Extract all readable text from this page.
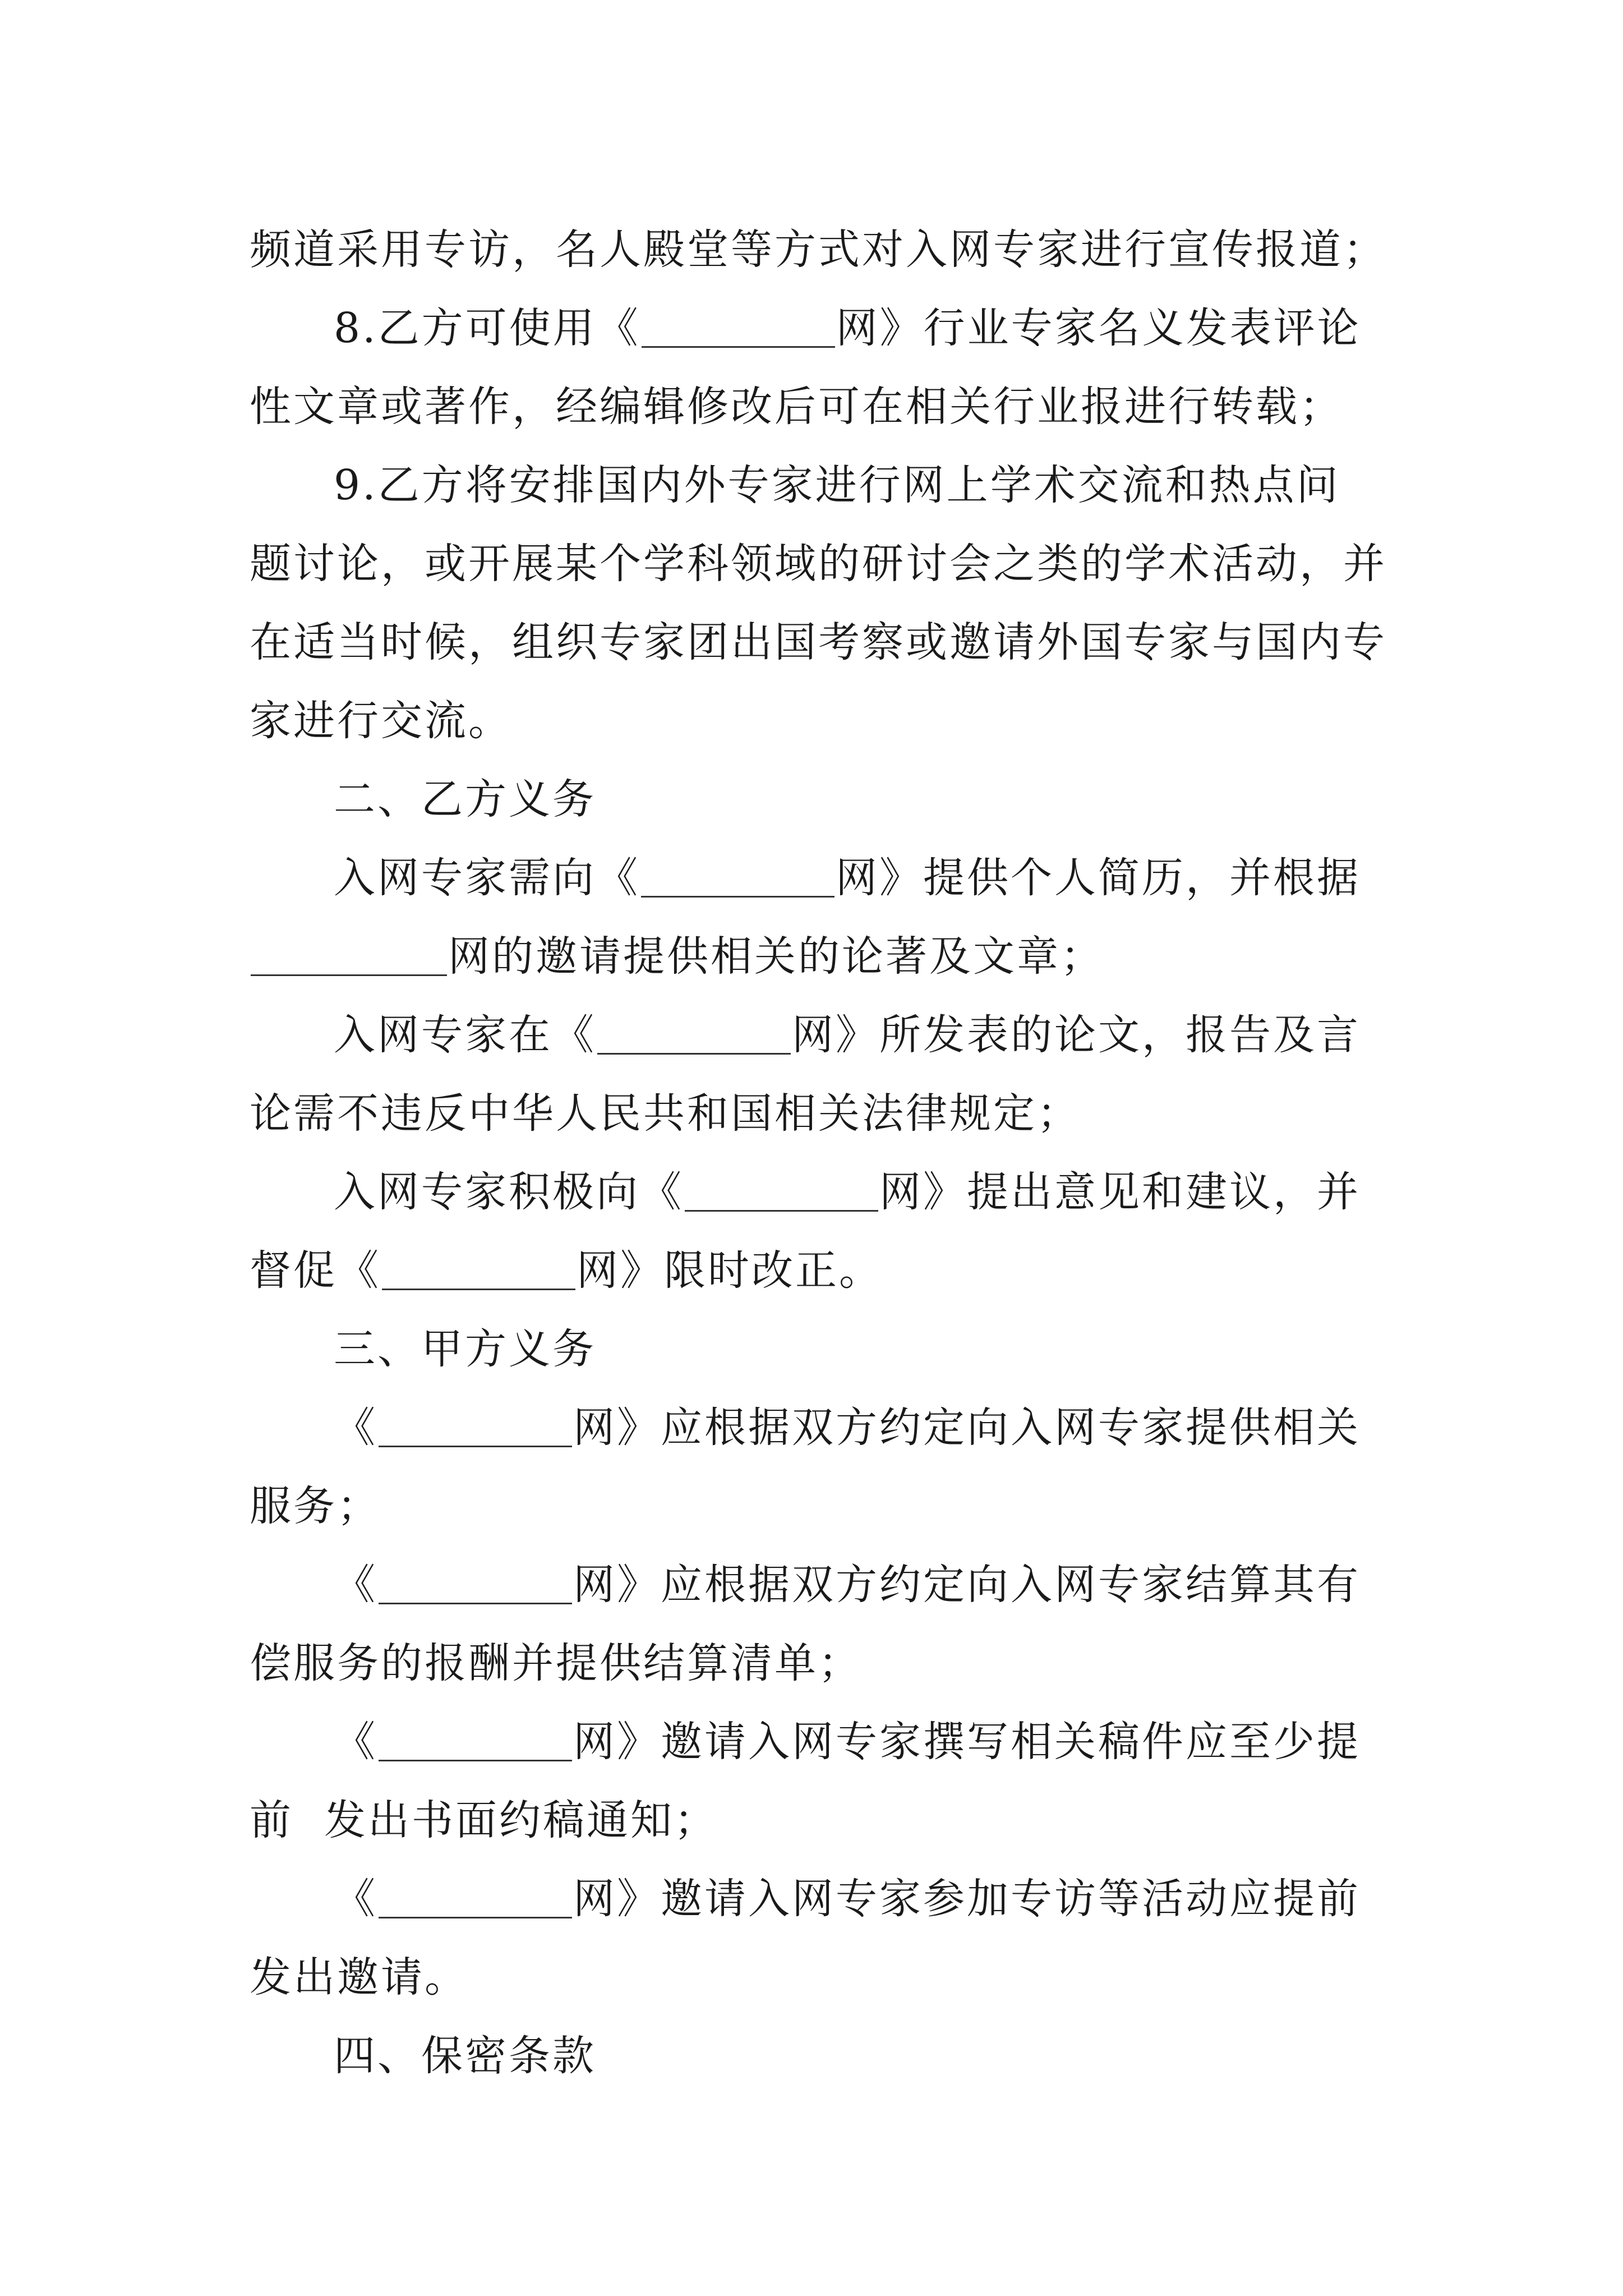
频道采用专访，名人殿堂等方式对入网专家进行宣传报道；
8.乙方可使用《	网》行业专家名义发表评论
性文章或著作，经编辑修改后可在相关行业报进行转载；
9.乙方将安排国内外专家进行网上学术交流和热点问
题讨论，或开展某个学科领域的研讨会之类的学术活动，并
在适当时候，组织专家团出国考察或邀请外国专家与国内专
家进行交流。
二、乙方义务
入网专家需向《	网》提供个人简历，并根据
网的邀请提供相关的论著及文章；
入网专家在《	网》所发表的论文，报告及言
论需不违反中华人民共和国相关法律规定；
入网专家积极向《	网》提出意见和建议，并
督促《	网》限时改正。
三、甲方义务
《	网》应根据双方约定向入网专家提供相关
服务；
《	网》应根据双方约定向入网专家结算其有
偿服务的报酬并提供结算清单；
《	网》邀请入网专家撰写相关稿件应至少提
前  发出书面约稿通知；
《	网》邀请入网专家参加专访等活动应提前
发出邀请。
四、保密条款
